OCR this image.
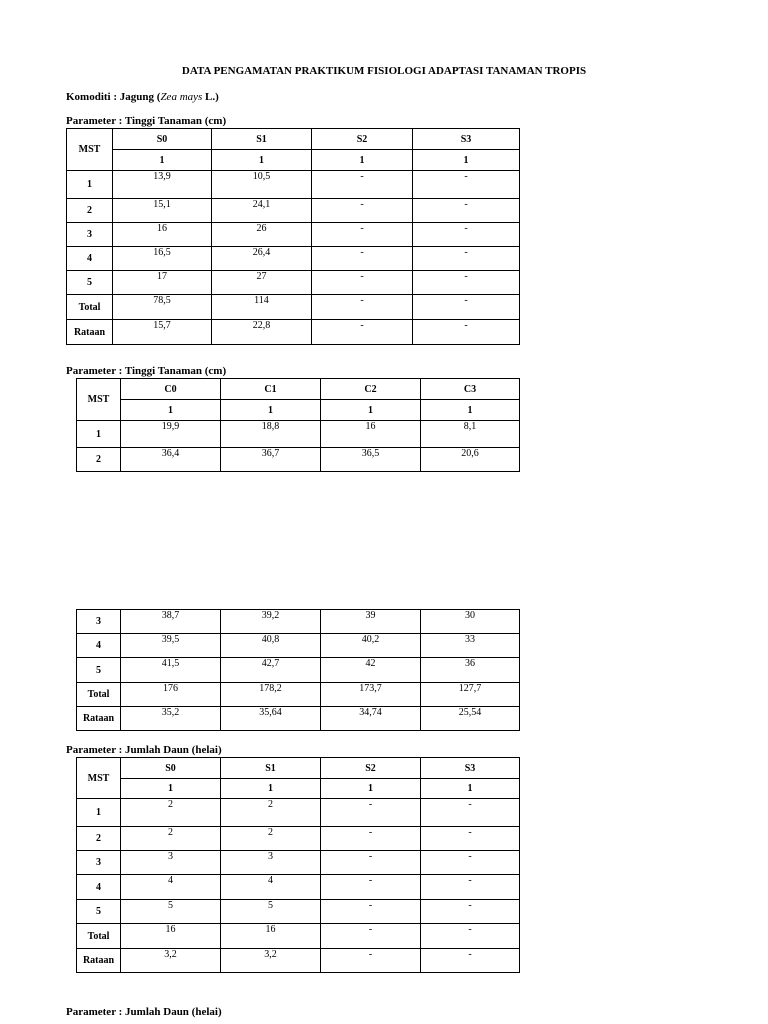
DATA PENGAMATAN PRAKTIKUM FISIOLOGI ADAPTASI TANAMAN TROPIS
Komoditi : Jagung (Zea mays L.)
Parameter : Tinggi Tanaman (cm)
MST	S0	S1	S2	S3
	1	1	1	1
1	13,9	10,5	-	-
2	15,1	24,1	-	-
3	16	26	-	-
4	16,5	26,4	-	-
5	17	27	-	-
Total	78,5	114	-	-
Rataan	15,7	22,8	-	-
Parameter : Tinggi Tanaman (cm)
MST	C0	C1	C2	C3
	1	1	1	1
1	19,9	18,8	16	8,1
2	36,4	36,7	36,5	20,6
3	38,7	39,2	39	30
4	39,5	40,8	40,2	33
5	41,5	42,7	42	36
Total	176	178,2	173,7	127,7
Rataan	35,2	35,64	34,74	25,54
Parameter : Jumlah Daun (helai)
MST	S0	S1	S2	S3
	1	1	1	1
1	2	2	-	-
2	2	2	-	-
3	3	3	-	-
4	4	4	-	-
5	5	5	-	-
Total	16	16	-	-
Rataan	3,2	3,2	-	-
Parameter : Jumlah Daun (helai)
